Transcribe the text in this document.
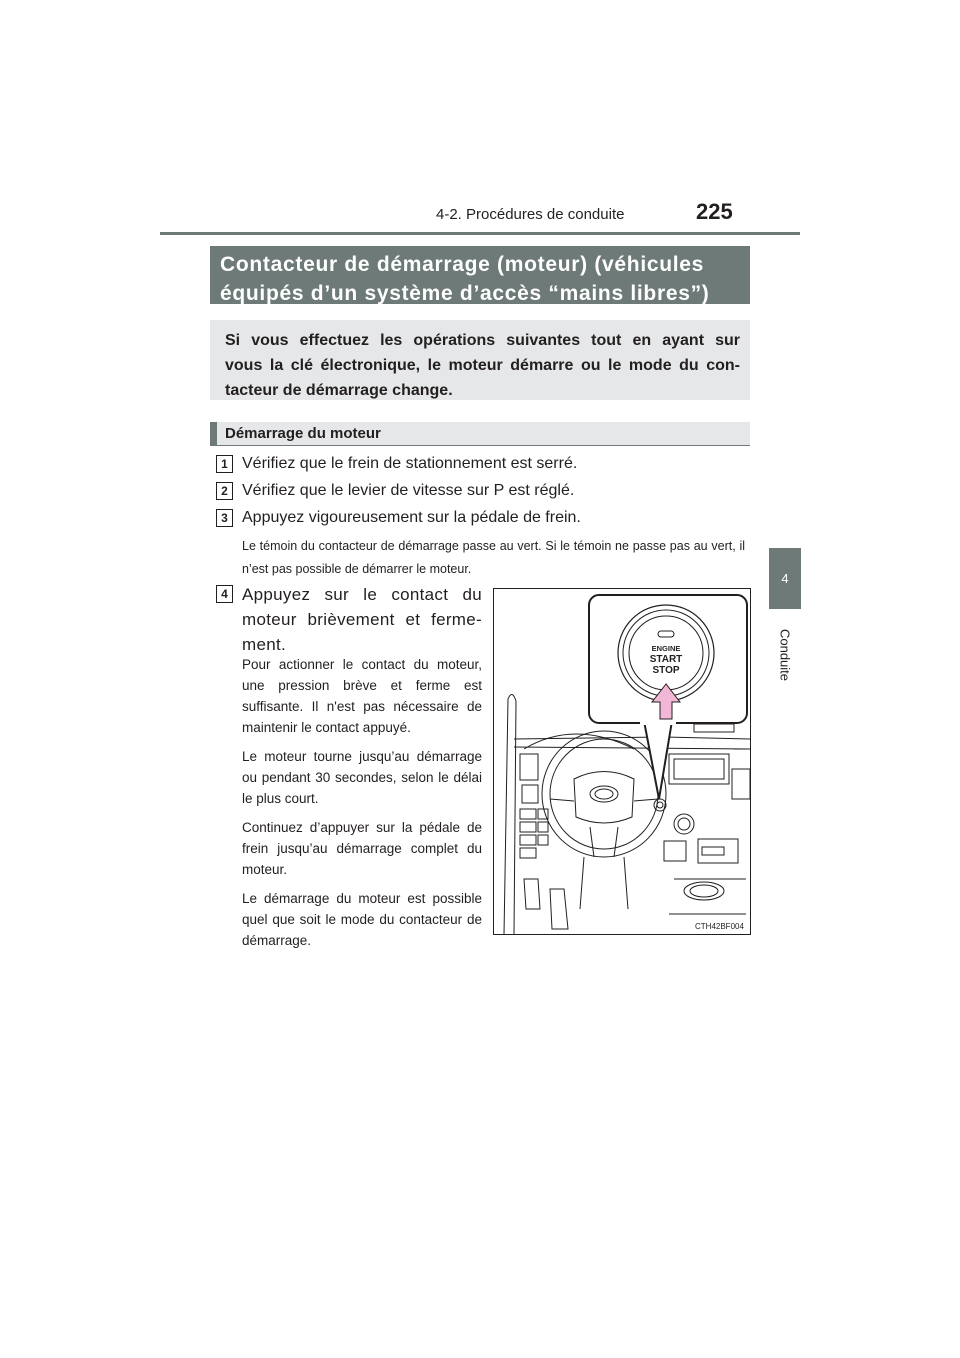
4-2. Procédures de conduite	225
4
Conduite
Contacteur de démarrage (moteur) (véhicules
équipés d’un système d’accès “mains libres”)
Si vous effectuez les opérations suivantes tout en ayant sur
vous la clé électronique, le moteur démarre ou le mode du con-
tacteur de démarrage change.
Démarrage du moteur
1 Vérifiez que le frein de stationnement est serré.
2 Vérifiez que le levier de vitesse sur P est réglé.
3 Appuyez vigoureusement sur la pédale de frein.
Le témoin du contacteur de démarrage passe au vert. Si le témoin ne passe pas au vert, il n’est pas possible de démarrer le moteur.
4 Appuyez sur le contact du
moteur brièvement et ferme-
ment.

Pour actionner le contact du moteur, une pression brève et ferme est suffisante. Il n'est pas nécessaire de maintenir le contact appuyé.

Le moteur tourne jusqu’au démarrage ou pendant 30 secondes, selon le délai le plus court.

Continuez d’appuyer sur la pédale de frein jusqu’au démarrage complet du moteur.

Le démarrage du moteur est possible quel que soit le mode du contacteur de démarrage.

ENGINE
START
STOP
CTH42BF004
